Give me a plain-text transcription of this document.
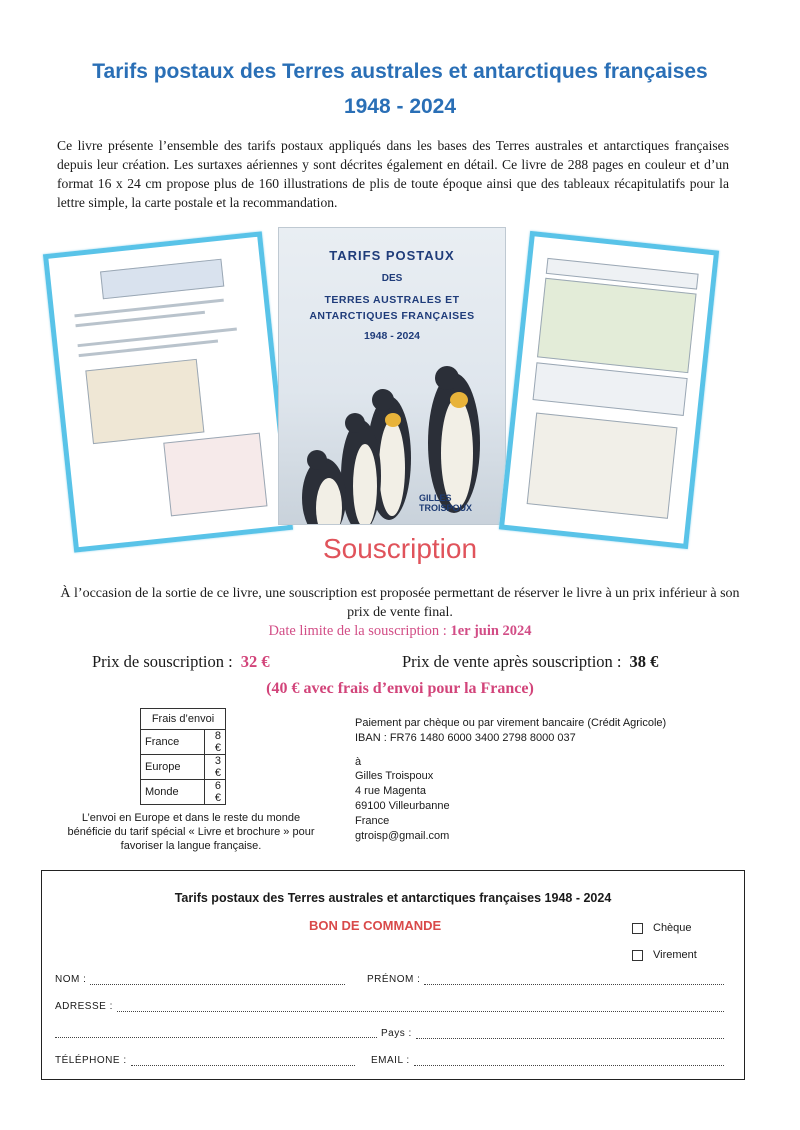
Tarifs postaux des Terres australes et antarctiques françaises
1948 - 2024
Ce livre présente l’ensemble des tarifs postaux appliqués dans les bases des Terres australes et antarctiques françaises depuis leur création. Les surtaxes aériennes y sont décrites également en détail. Ce livre de 288 pages en couleur et d’un format 16 x 24 cm propose plus de 160 illustrations de plis de toute époque ainsi que des tableaux récapitulatifs pour la lettre simple, la carte postale et la recommandation.
TARIFS POSTAUX
DES
TERRES AUSTRALES ET
ANTARCTIQUES FRANÇAISES
1948 - 2024
GILLES TROISPOUX
Souscription
À l’occasion de la sortie de ce livre, une souscription est proposée permettant de réserver le livre à un prix inférieur à son prix de vente final.
Date limite de la souscription : 1er juin 2024
Prix de souscription : 32 €	Prix de vente après souscription : 38 €
(40 € avec frais d’envoi pour la France)
Frais d’envoi	
France	8 €
Europe	3 €
Monde	6 €
L’envoi en Europe et dans le reste du monde bénéficie du tarif spécial « Livre et brochure » pour favoriser la langue française.
Paiement par chèque ou par virement bancaire (Crédit Agricole)
IBAN : FR76 1480 6000 3400 2798 8000 037
à
Gilles Troispoux
4 rue Magenta
69100 Villeurbanne
France
gtroisp@gmail.com
Tarifs postaux des Terres australes et antarctiques françaises 1948 - 2024
BON DE COMMANDE	Chèque
Virement
NOM :	PRÉNOM :
ADRESSE :
Pays :
TÉLÉPHONE :	EMAIL :
